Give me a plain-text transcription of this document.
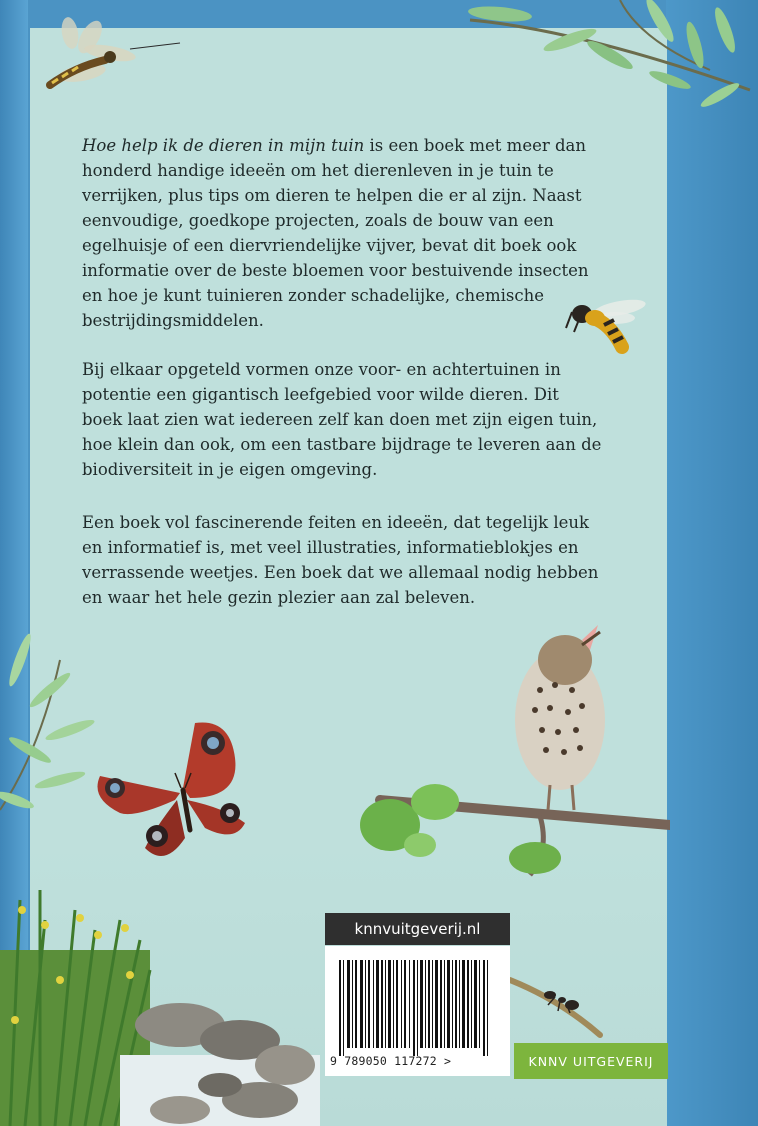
Hoe help ik de dieren in mijn tuin is een boek met meer dan honderd handige ideeën om het dierenleven in je tuin te verrijken, plus tips om dieren te helpen die er al zijn. Naast eenvoudige, goedkope projecten, zoals de bouw van een egelhuisje of een diervriendelijke vijver, bevat dit boek ook informatie over de beste bloemen voor bestuivende insecten en hoe je kunt tuinieren zonder schadelijke, chemische bestrijdingsmiddelen.

Bij elkaar opgeteld vormen onze voor- en achtertuinen in potentie een gigantisch leefgebied voor wilde dieren. Dit boek laat zien wat iedereen zelf kan doen met zijn eigen tuin, hoe klein dan ook, om een tastbare bijdrage te leveren aan de biodiversiteit in je eigen omgeving.

Een boek vol fascinerende feiten en ideeën, dat tegelijk leuk en informatief is, met veel illustraties, informatieblokjes en verrassende weetjes. Een boek dat we allemaal nodig hebben en waar het hele gezin plezier aan zal beleven.

knnvuitgeverij.nl
9 789050 117272 >	KNNV UITGEVERIJ
